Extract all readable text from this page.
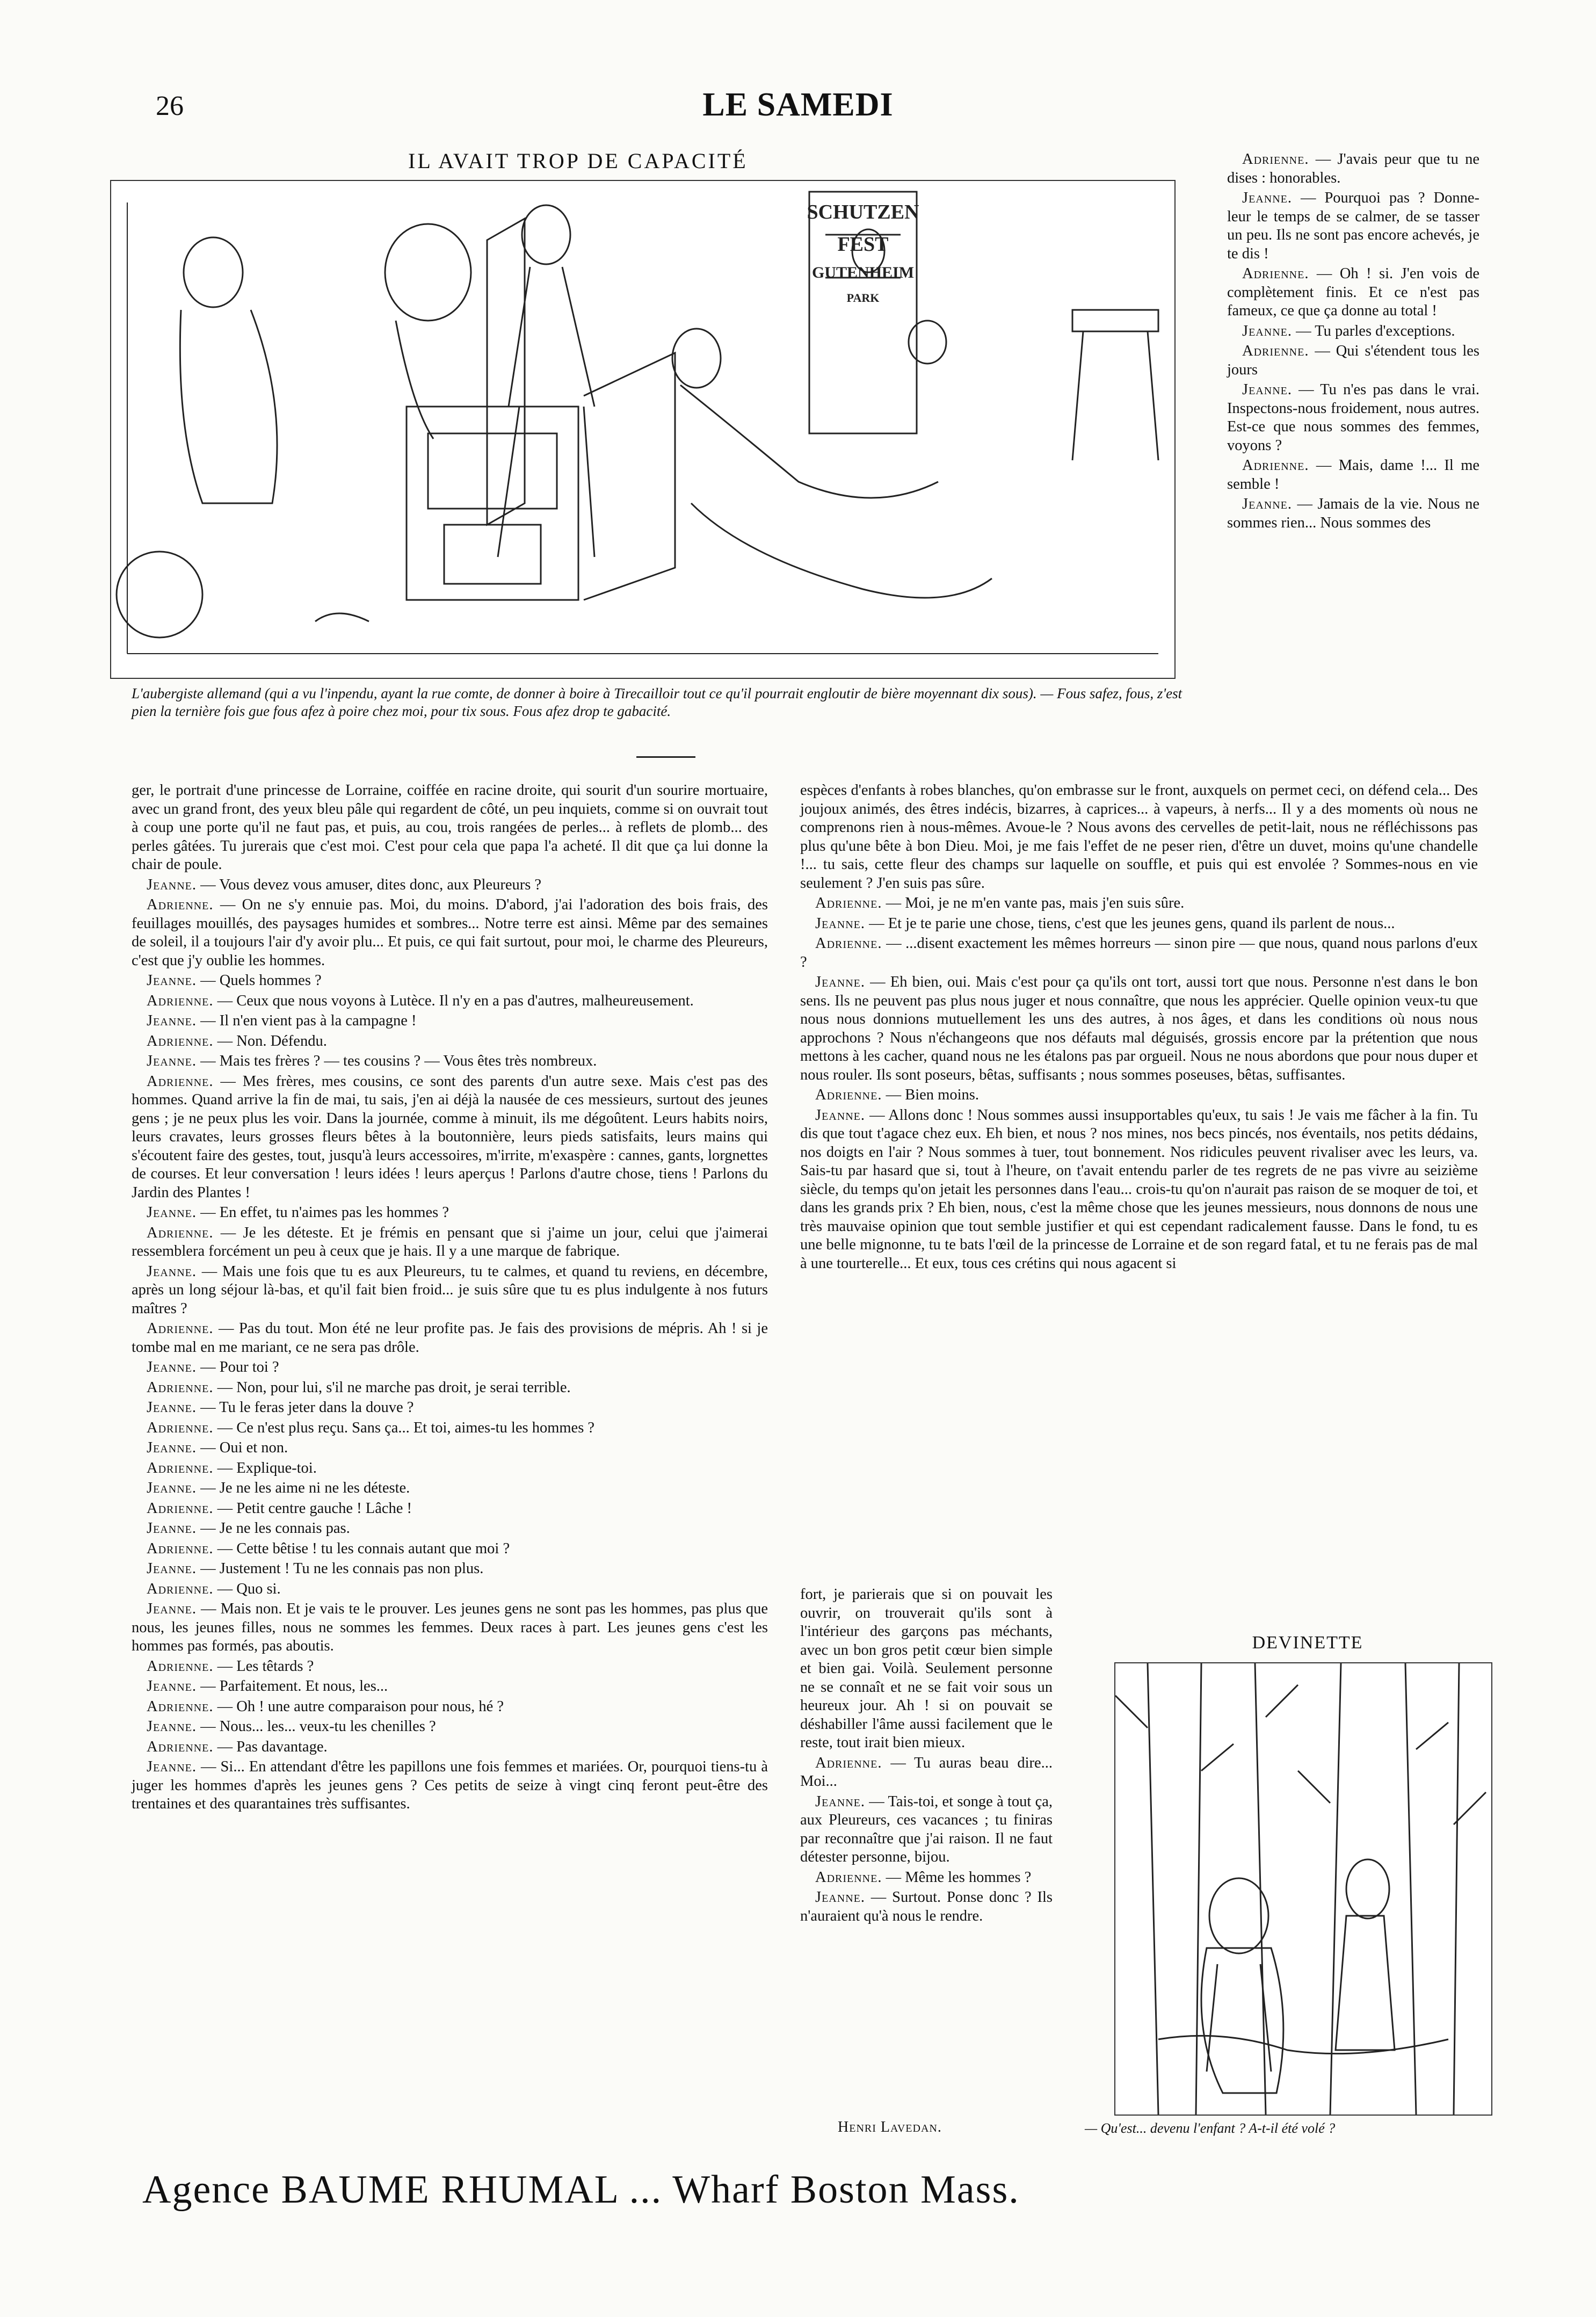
26	LE SAMEDI
IL AVAIT TROP DE CAPACITÉ
SCHUTZEN
FEST
GUTENHEIM
PARK
L'aubergiste allemand (qui a vu l'inpendu, ayant la rue comte, de donner à boire à Tirecailloir tout ce qu'il pourrait engloutir de bière moyennant dix sous). — Fous safez, fous, z'est pien la ternière fois gue fous afez à poire chez moi, pour tix sous. Fous afez drop te gabacité.

Adrienne. — J'avais peur que tu ne dises : honorables.

Jeanne. — Pourquoi pas ? Donne-leur le temps de se calmer, de se tasser un peu. Ils ne sont pas encore achevés, je te dis !

Adrienne. — Oh ! si. J'en vois de complètement finis. Et ce n'est pas fameux, ce que ça donne au total !

Jeanne. — Tu parles d'exceptions.

Adrienne. — Qui s'étendent tous les jours

Jeanne. — Tu n'es pas dans le vrai. Inspectons-nous froidement, nous autres. Est-ce que nous sommes des femmes, voyons ?

Adrienne. — Mais, dame !... Il me semble !

Jeanne. — Jamais de la vie. Nous ne sommes rien... Nous sommes des

ger, le portrait d'une princesse de Lorraine, coiffée en racine droite, qui sourit d'un sourire mortuaire, avec un grand front, des yeux bleu pâle qui regardent de côté, un peu inquiets, comme si on ouvrait tout à coup une porte qu'il ne faut pas, et puis, au cou, trois rangées de perles... à reflets de plomb... des perles gâtées. Tu jurerais que c'est moi. C'est pour cela que papa l'a acheté. Il dit que ça lui donne la chair de poule.

Jeanne. — Vous devez vous amuser, dites donc, aux Pleureurs ?

Adrienne. — On ne s'y ennuie pas. Moi, du moins. D'abord, j'ai l'adoration des bois frais, des feuillages mouillés, des paysages humides et sombres... Notre terre est ainsi. Même par des semaines de soleil, il a toujours l'air d'y avoir plu... Et puis, ce qui fait surtout, pour moi, le charme des Pleureurs, c'est que j'y oublie les hommes.

Jeanne. — Quels hommes ?

Adrienne. — Ceux que nous voyons à Lutèce. Il n'y en a pas d'autres, malheureusement.

Jeanne. — Il n'en vient pas à la campagne !

Adrienne. — Non. Défendu.

Jeanne. — Mais tes frères ? — tes cousins ? — Vous êtes très nombreux.

Adrienne. — Mes frères, mes cousins, ce sont des parents d'un autre sexe. Mais c'est pas des hommes. Quand arrive la fin de mai, tu sais, j'en ai déjà la nausée de ces messieurs, surtout des jeunes gens ; je ne peux plus les voir. Dans la journée, comme à minuit, ils me dégoûtent. Leurs habits noirs, leurs cravates, leurs grosses fleurs bêtes à la boutonnière, leurs pieds satisfaits, leurs mains qui s'écoutent faire des gestes, tout, jusqu'à leurs accessoires, m'irrite, m'exaspère : cannes, gants, lorgnettes de courses. Et leur conversation ! leurs idées ! leurs aperçus ! Parlons d'autre chose, tiens ! Parlons du Jardin des Plantes !

Jeanne. — En effet, tu n'aimes pas les hommes ?

Adrienne. — Je les déteste. Et je frémis en pensant que si j'aime un jour, celui que j'aimerai ressemblera forcément un peu à ceux que je hais. Il y a une marque de fabrique.

Jeanne. — Mais une fois que tu es aux Pleureurs, tu te calmes, et quand tu reviens, en décembre, après un long séjour là-bas, et qu'il fait bien froid... je suis sûre que tu es plus indulgente à nos futurs maîtres ?

Adrienne. — Pas du tout. Mon été ne leur profite pas. Je fais des provisions de mépris. Ah ! si je tombe mal en me mariant, ce ne sera pas drôle.

Jeanne. — Pour toi ?

Adrienne. — Non, pour lui, s'il ne marche pas droit, je serai terrible.

Jeanne. — Tu le feras jeter dans la douve ?

Adrienne. — Ce n'est plus reçu. Sans ça... Et toi, aimes-tu les hommes ?

Jeanne. — Oui et non.

Adrienne. — Explique-toi.

Jeanne. — Je ne les aime ni ne les déteste.

Adrienne. — Petit centre gauche ! Lâche !

Jeanne. — Je ne les connais pas.

Adrienne. — Cette bêtise ! tu les connais autant que moi ?

Jeanne. — Justement ! Tu ne les connais pas non plus.

Adrienne. — Quo si.

Jeanne. — Mais non. Et je vais te le prouver. Les jeunes gens ne sont pas les hommes, pas plus que nous, les jeunes filles, nous ne sommes les femmes. Deux races à part. Les jeunes gens c'est les hommes pas formés, pas aboutis.

Adrienne. — Les têtards ?

Jeanne. — Parfaitement. Et nous, les...

Adrienne. — Oh ! une autre comparaison pour nous, hé ?

Jeanne. — Nous... les... veux-tu les chenilles ?

Adrienne. — Pas davantage.

Jeanne. — Si... En attendant d'être les papillons une fois femmes et mariées. Or, pourquoi tiens-tu à juger les hommes d'après les jeunes gens ? Ces petits de seize à vingt cinq feront peut-être des trentaines et des quarantaines très suffisantes.

espèces d'enfants à robes blanches, qu'on embrasse sur le front, auxquels on permet ceci, on défend cela... Des joujoux animés, des êtres indécis, bizarres, à caprices... à vapeurs, à nerfs... Il y a des moments où nous ne comprenons rien à nous-mêmes. Avoue-le ? Nous avons des cervelles de petit-lait, nous ne réfléchissons pas plus qu'une bête à bon Dieu. Moi, je me fais l'effet de ne peser rien, d'être un duvet, moins qu'une chandelle !... tu sais, cette fleur des champs sur laquelle on souffle, et puis qui est envolée ? Sommes-nous en vie seulement ? J'en suis pas sûre.

Adrienne. — Moi, je ne m'en vante pas, mais j'en suis sûre.

Jeanne. — Et je te parie une chose, tiens, c'est que les jeunes gens, quand ils parlent de nous...

Adrienne. — ...disent exactement les mêmes horreurs — sinon pire — que nous, quand nous parlons d'eux ?

Jeanne. — Eh bien, oui. Mais c'est pour ça qu'ils ont tort, aussi tort que nous. Personne n'est dans le bon sens. Ils ne peuvent pas plus nous juger et nous connaître, que nous les apprécier. Quelle opinion veux-tu que nous nous donnions mutuellement les uns des autres, à nos âges, et dans les conditions où nous nous approchons ? Nous n'échangeons que nos défauts mal déguisés, grossis encore par la prétention que nous mettons à les cacher, quand nous ne les étalons pas par orgueil. Nous ne nous abordons que pour nous duper et nous rouler. Ils sont poseurs, bêtas, suffisants ; nous sommes poseuses, bêtas, suffisantes.

Adrienne. — Bien moins.

Jeanne. — Allons donc ! Nous sommes aussi insupportables qu'eux, tu sais ! Je vais me fâcher à la fin. Tu dis que tout t'agace chez eux. Eh bien, et nous ? nos mines, nos becs pincés, nos éventails, nos petits dédains, nos doigts en l'air ? Nous sommes à tuer, tout bonnement. Nos ridicules peuvent rivaliser avec les leurs, va. Sais-tu par hasard que si, tout à l'heure, on t'avait entendu parler de tes regrets de ne pas vivre au seizième siècle, du temps qu'on jetait les personnes dans l'eau... crois-tu qu'on n'aurait pas raison de se moquer de toi, et dans les grands prix ? Eh bien, nous, c'est la même chose que les jeunes messieurs, nous donnons de nous une très mauvaise opinion que tout semble justifier et qui est cependant radicalement fausse. Dans le fond, tu es une belle mignonne, tu te bats l'œil de la princesse de Lorraine et de son regard fatal, et tu ne ferais pas de mal à une tourterelle... Et eux, tous ces crétins qui nous agacent si

fort, je parierais que si on pouvait les ouvrir, on trouverait qu'ils sont à l'intérieur des garçons pas méchants, avec un bon gros petit cœur bien simple et bien gai. Voilà. Seulement personne ne se connaît et ne se fait voir sous un heureux jour. Ah ! si on pouvait se déshabiller l'âme aussi facilement que le reste, tout irait bien mieux.

Adrienne. — Tu auras beau dire... Moi...

Jeanne. — Tais-toi, et songe à tout ça, aux Pleureurs, ces vacances ; tu finiras par reconnaître que j'ai raison. Il ne faut détester personne, bijou.

Adrienne. — Même les hommes ?

Jeanne. — Surtout. Ponse donc ? Ils n'auraient qu'à nous le rendre.

DEVINETTE
— Qu'est... devenu l'enfant ? A-t-il été volé ?
Henri Lavedan.
Agence BAUME RHUMAL ... Wharf Boston Mass.
